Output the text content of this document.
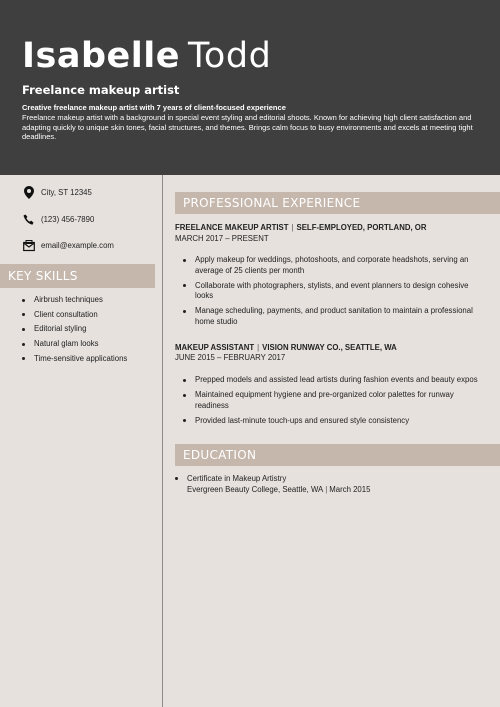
Isabelle Todd
Freelance makeup artist
Creative freelance makeup artist with 7 years of client-focused experience
Freelance makeup artist with a background in special event styling and editorial shoots. Known for achieving high client satisfaction and adapting quickly to unique skin tones, facial structures, and themes. Brings calm focus to busy environments and excels at meeting tight deadlines.
City, ST 12345
(123) 456-7890
email@example.com
KEY SKILLS
Airbrush techniques
Client consultation
Editorial styling
Natural glam looks
Time-sensitive applications
PROFESSIONAL EXPERIENCE
FREELANCE MAKEUP ARTIST | SELF-EMPLOYED, PORTLAND, OR
MARCH 2017 – PRESENT
Apply makeup for weddings, photoshoots, and corporate headshots, serving an average of 25 clients per month
Collaborate with photographers, stylists, and event planners to design cohesive looks
Manage scheduling, payments, and product sanitation to maintain a professional home studio
MAKEUP ASSISTANT | VISION RUNWAY CO., SEATTLE, WA
JUNE 2015 – FEBRUARY 2017
Prepped models and assisted lead artists during fashion events and beauty expos
Maintained equipment hygiene and pre-organized color palettes for runway readiness
Provided last-minute touch-ups and ensured style consistency
EDUCATION
Certificate in Makeup Artistry
Evergreen Beauty College, Seattle, WA | March 2015
